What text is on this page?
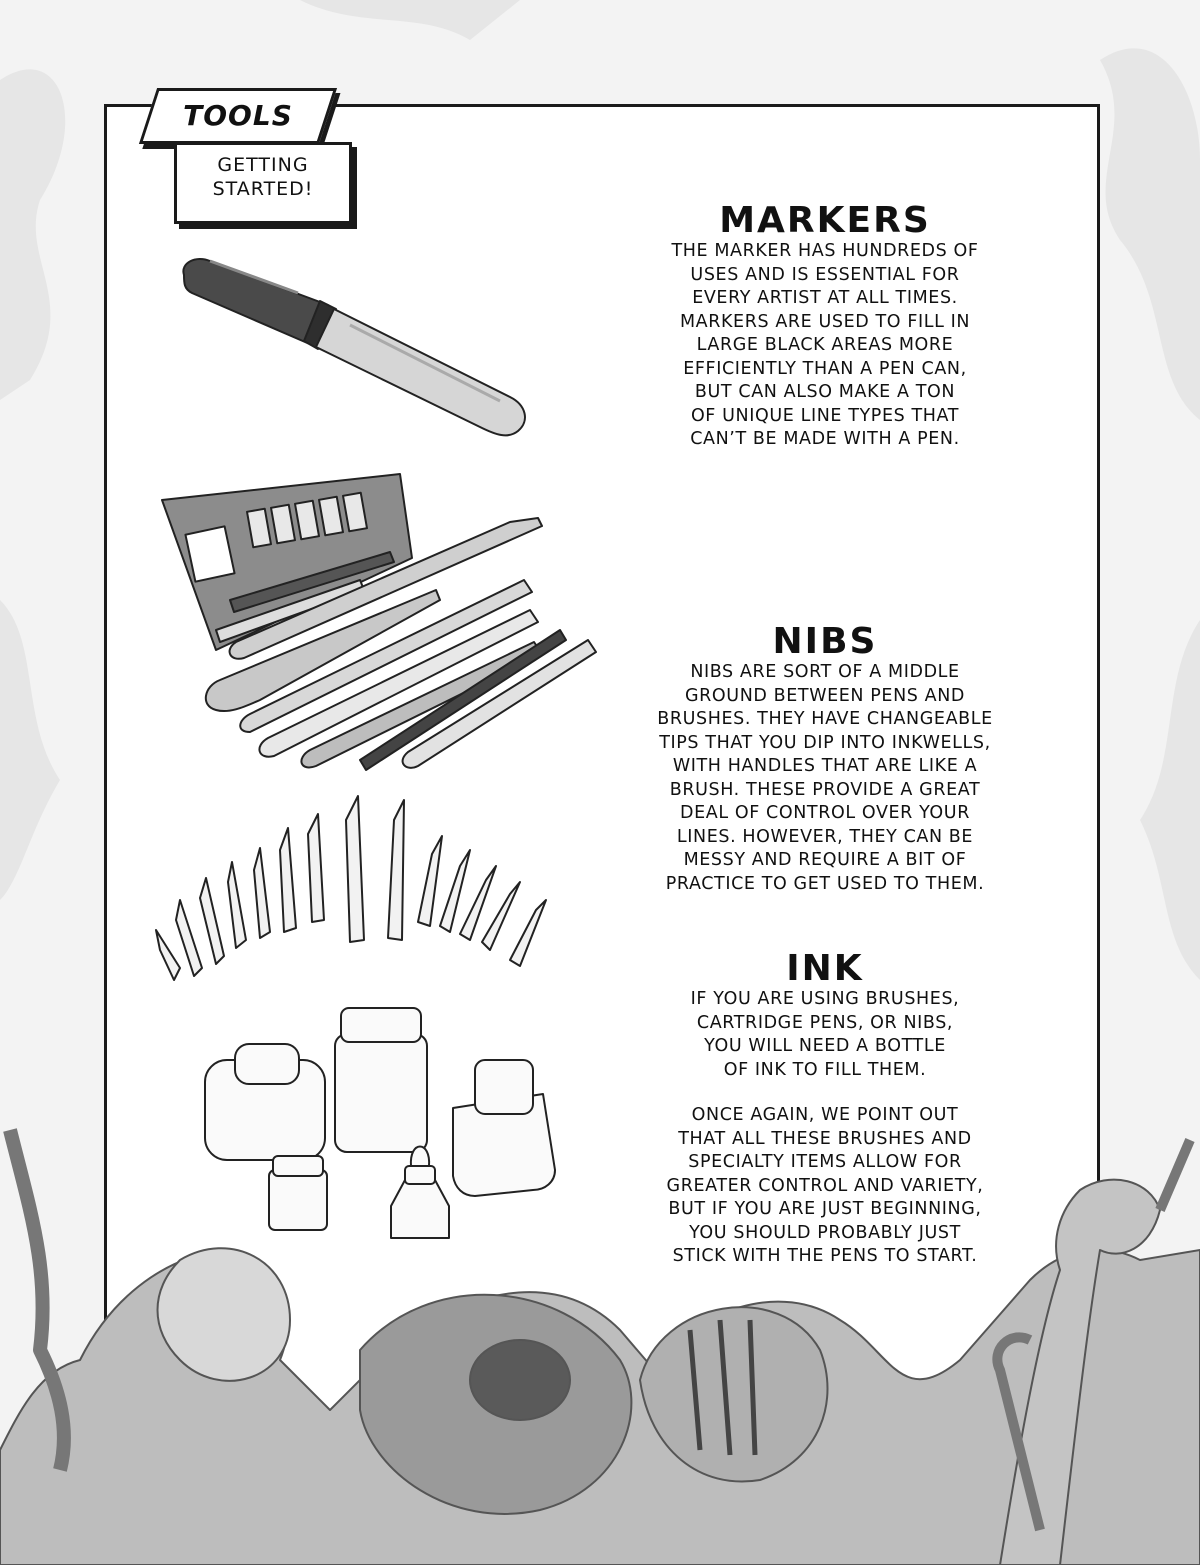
TOOLS
GETTING
STARTED!
MARKERS

THE MARKER HAS HUNDREDS OF
USES AND IS ESSENTIAL FOR
EVERY ARTIST AT ALL TIMES.
MARKERS ARE USED TO FILL IN
LARGE BLACK AREAS MORE
EFFICIENTLY THAN A PEN CAN,
BUT CAN ALSO MAKE A TON
OF UNIQUE LINE TYPES THAT
CAN’T BE MADE WITH A PEN.

NIBS

NIBS ARE SORT OF A MIDDLE
GROUND BETWEEN PENS AND
BRUSHES. THEY HAVE CHANGEABLE
TIPS THAT YOU DIP INTO INKWELLS,
WITH HANDLES THAT ARE LIKE A
BRUSH. THESE PROVIDE A GREAT
DEAL OF CONTROL OVER YOUR
LINES. HOWEVER, THEY CAN BE
MESSY AND REQUIRE A BIT OF
PRACTICE TO GET USED TO THEM.

INK

IF YOU ARE USING BRUSHES,
CARTRIDGE PENS, OR NIBS,
YOU WILL NEED A BOTTLE
OF INK TO FILL THEM.

ONCE AGAIN, WE POINT OUT
THAT ALL THESE BRUSHES AND
SPECIALTY ITEMS ALLOW FOR
GREATER CONTROL AND VARIETY,
BUT IF YOU ARE JUST BEGINNING,
YOU SHOULD PROBABLY JUST
STICK WITH THE PENS TO START.
